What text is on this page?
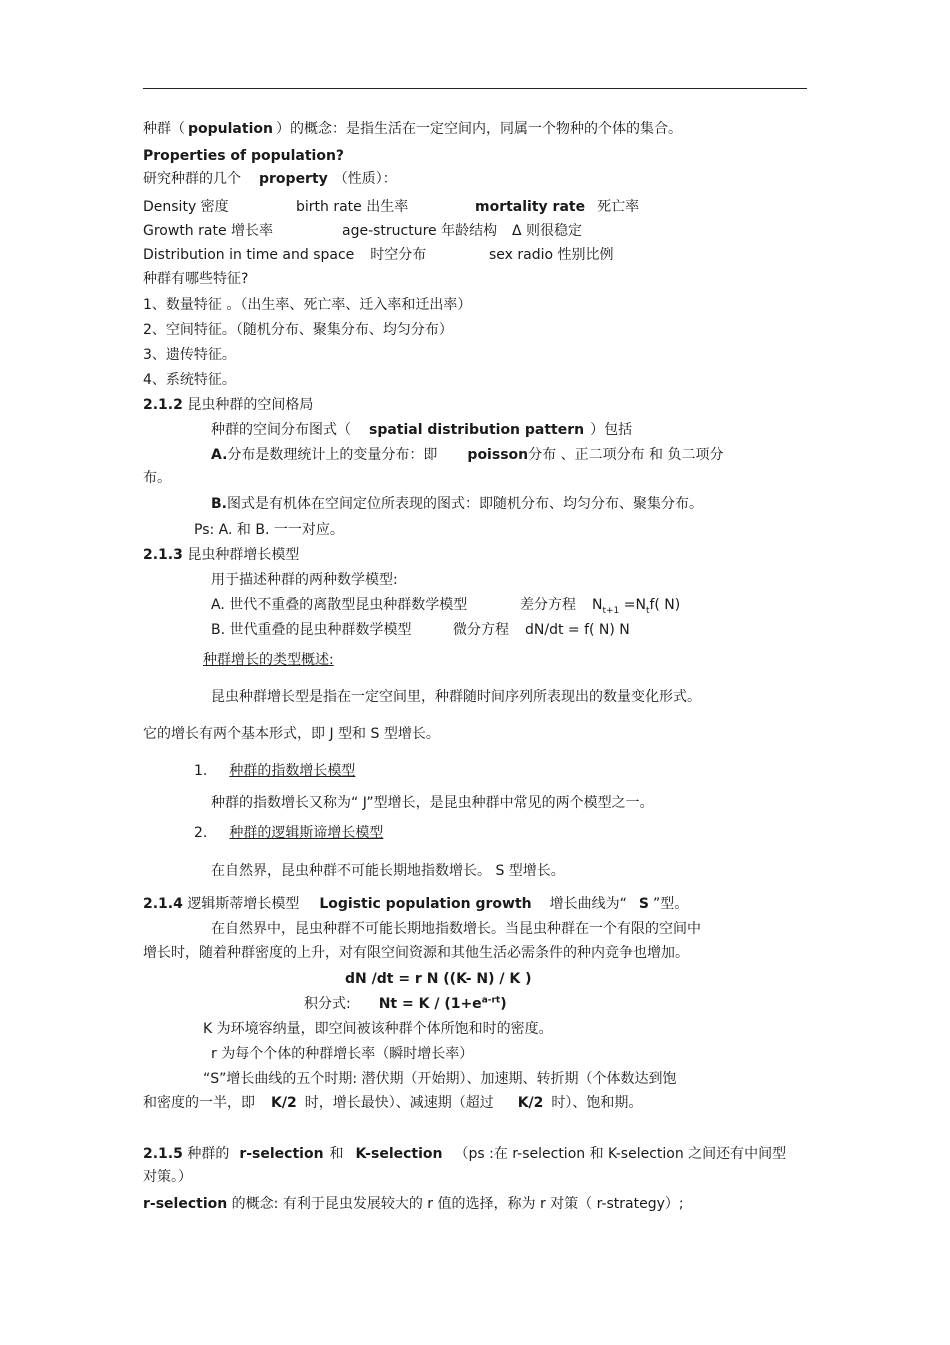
种群（ population ）的概念：是指生活在一定空间内，同属一个物种的个体的集合。
Properties of population?
研究种群的几个 property （性质）：
Density 密度	birth rate 出生率	mortality rate 死亡率
Growth rate 增长率	age-structure 年龄结构 Δ 则很稳定
Distribution in time and space 时空分布	sex radio 性别比例
种群有哪些特征?
1、数量特征 。（出生率、死亡率、迁入率和迁出率）
2、空间特征。（随机分布、聚集分布、均匀分布）
3、遗传特征。
4、系统特征。
2.1.2 昆虫种群的空间格局
种群的空间分布图式（ spatial distribution pattern ）包括
A.分布是数理统计上的变量分布：即 poisson分布 、正二项分布 和 负二项分
布。
B.图式是有机体在空间定位所表现的图式：即随机分布、均匀分布、聚集分布。
Ps: A. 和 B. 一一对应。
2.1.3 昆虫种群增长模型
用于描述种群的两种数学模型:
A. 世代不重叠的离散型昆虫种群数学模型	差分方程 $N_{t+1} =N_tf$( N)
B. 世代重叠的昆虫种群数学模型	微分方程 dN/dt = f( N) N
种群增长的类型概述:
昆虫种群增长型是指在一定空间里，种群随时间序列所表现出的数量变化形式。
它的增长有两个基本形式，即 J 型和 S 型增长。
1. 种群的指数增长模型
种群的指数增长又称为“ J”型增长，是昆虫种群中常见的两个模型之一。
2. 种群的逻辑斯谛增长模型
在自然界，昆虫种群不可能长期地指数增长。 S 型增长。
2.1.4 逻辑斯蒂增长模型 Logistic population growth 增长曲线为“ S ”型。
在自然界中，昆虫种群不可能长期地指数增长。当昆虫种群在一个有限的空间中
增长时，随着种群密度的上升，对有限空间资源和其他生活必需条件的种内竞争也增加。
dN /dt = r N ((K- N) / K )
积分式: $Nt = K / (1+e^{a-rt})$
K 为环境容纳量，即空间被该种群个体所饱和时的密度。
r 为每个个体的种群增长率（瞬时增长率）
“S”增长曲线的五个时期: 潜伏期（开始期）、加速期、转折期（个体数达到饱
和密度的一半，即 K/2 时，增长最快）、减速期（超过 K/2 时）、饱和期。
2.1.5 种群的 r-selection 和 K-selection （ps :在 r-selection 和 K-selection 之间还有中间型
对策。）
r-selection 的概念: 有利于昆虫发展较大的 r 值的选择，称为 r 对策（ r-strategy）;
